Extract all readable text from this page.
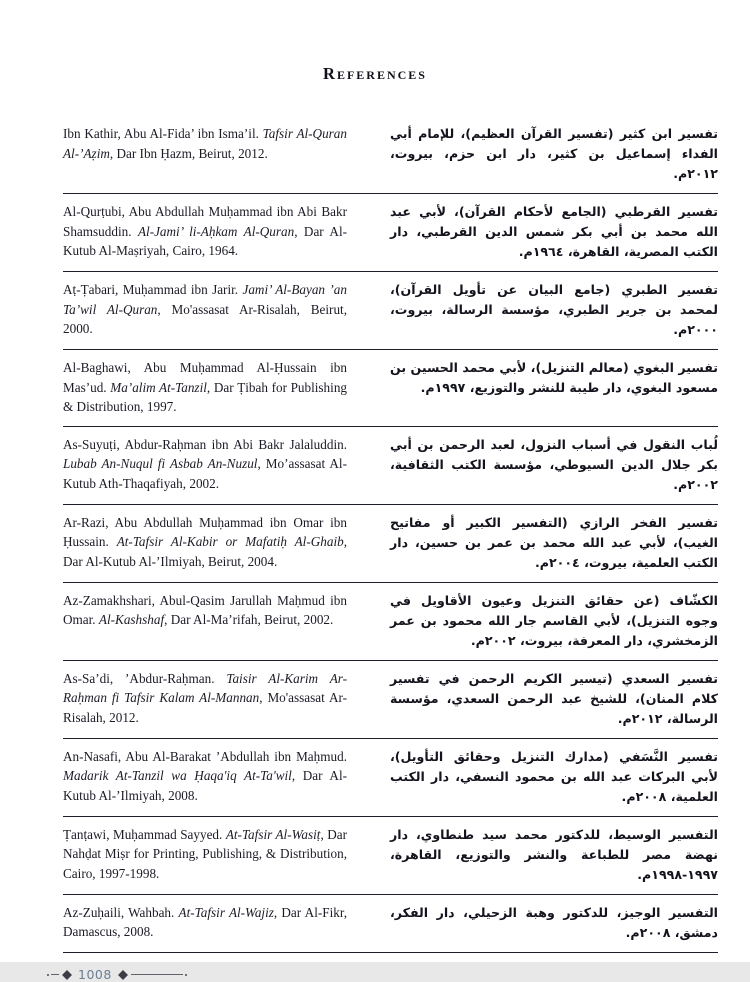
References
Ibn Kathir, Abu Al-Fida’ ibn Isma’il. Tafsir Al-Quran Al-’Aẓim, Dar Ibn Ḥazm, Beirut, 2012.
تفسير ابن كثير (تفسير القرآن العظيم)، للإمام أبي الفداء إسماعيل بن كثير، دار ابن حزم، بيروت، ٢٠١٢م.
Al-Qurṭubi, Abu Abdullah Muḥammad ibn Abi Bakr Shamsuddin. Al-Jami’ li-Aḥkam Al-Quran, Dar Al-Kutub Al-Maṣriyah, Cairo, 1964.
تفسير القرطبي (الجامع لأحكام القرآن)، لأبي عبد الله محمد بن أبي بكر شمس الدين القرطبي، دار الكتب المصرية، القاهرة، ١٩٦٤م.
Aṭ-Ṭabari, Muḥammad ibn Jarir. Jami’ Al-Bayan ’an Ta’wil Al-Quran, Mo'assasat Ar-Risalah, Beirut, 2000.
تفسير الطبري (جامع البيان عن تأويل القرآن)، لمحمد بن جرير الطبري، مؤسسة الرسالة، بيروت، ٢٠٠٠م.
Al-Baghawi, Abu Muḥammad Al-Ḥussain ibn Mas’ud. Ma’alim At-Tanzil, Dar Ṭibah for Publishing & Distribution, 1997.
تفسير البغوي (معالم التنزيل)، لأبي محمد الحسين بن مسعود البغوي، دار طيبة للنشر والتوزيع، ١٩٩٧م.
As-Suyuṭi, Abdur-Raḥman ibn Abi Bakr Jalaluddin. Lubab An-Nuqul fi Asbab An-Nuzul, Mo’assasat Al-Kutub Ath-Thaqafiyah, 2002.
لُباب النقول في أسباب النزول، لعبد الرحمن بن أبي بكر جلال الدين السيوطي، مؤسسة الكتب الثقافية، ٢٠٠٢م.
Ar-Razi, Abu Abdullah Muḥammad ibn Omar ibn Ḥussain. At-Tafsir Al-Kabir or Mafatiḥ Al-Ghaib, Dar Al-Kutub Al-’Ilmiyah, Beirut, 2004.
تفسير الفخر الرازي (التفسير الكبير أو مفاتيح الغيب)، لأبي عبد الله محمد بن عمر بن حسين، دار الكتب العلمية، بيروت، ٢٠٠٤م.
Az-Zamakhshari, Abul-Qasim Jarullah Maḥmud ibn Omar. Al-Kashshaf, Dar Al-Ma’rifah, Beirut, 2002.
الكشّاف (عن حقائق التنزيل وعيون الأقاويل في وجوه التنزيل)، لأبي القاسم جار الله محمود بن عمر الزمخشري، دار المعرفة، بيروت، ٢٠٠٢م.
As-Sa’di, ’Abdur-Raḥman. Taisir Al-Karim Ar-Raḥman fi Tafsir Kalam Al-Mannan, Mo'assasat Ar-Risalah, 2012.
تفسير السعدي (تيسير الكريم الرحمن في تفسير كلام المنان)، للشيخ عبد الرحمن السعدي، مؤسسة الرسالة، ٢٠١٢م.
An-Nasafi, Abu Al-Barakat ’Abdullah ibn Maḥmud. Madarik At-Tanzil wa Ḥaqa'iq At-Ta'wil, Dar Al-Kutub Al-’Ilmiyah, 2008.
تفسير النَّسَفي (مدارك التنزيل وحقائق التأويل)، لأبي البركات عبد الله بن محمود النسفي، دار الكتب العلمية، ٢٠٠٨م.
Ṭanṭawi, Muḥammad Sayyed. At-Tafsir Al-Wasiṭ, Dar Nahḍat Miṣr for Printing, Publishing, & Distribution, Cairo, 1997-1998.
التفسير الوسيط، للدكتور محمد سيد طنطاوي، دار نهضة مصر للطباعة والنشر والتوزيع، القاهرة، ١٩٩٧-١٩٩٨م.
Az-Zuḥaili, Wahbah. At-Tafsir Al-Wajiz, Dar Al-Fikr, Damascus, 2008.
التفسير الوجيز، للدكتور وهبة الزحيلي، دار الفكر، دمشق، ٢٠٠٨م.
1008
